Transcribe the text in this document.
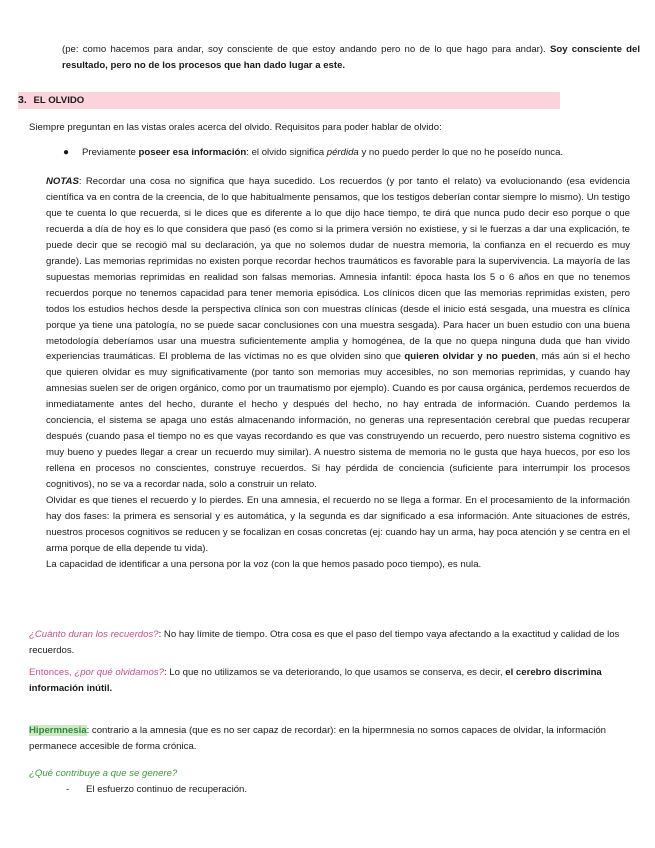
(pe: como hacemos para andar, soy consciente de que estoy andando pero no de lo que hago para andar). Soy consciente del resultado, pero no de los procesos que han dado lugar a este.
3. EL OLVIDO
Siempre preguntan en las vistas orales acerca del olvido. Requisitos para poder hablar de olvido:
● Previamente poseer esa información: el olvido significa pérdida y no puedo perder lo que no he poseído nunca.

NOTAS: Recordar una cosa no significa que haya sucedido. Los recuerdos (y por tanto el relato) va evolucionando (esa evidencia científica va en contra de la creencia, de lo que habitualmente pensamos, que los testigos deberían contar siempre lo mismo). Un testigo que te cuenta lo que recuerda, si le dices que es diferente a lo que dijo hace tiempo, te dirá que nunca pudo decir eso porque o que recuerda a día de hoy es lo que considera que pasó (es como si la primera versión no existiese, y si le fuerzas a dar una explicación, te puede decir que se recogió mal su declaración, ya que no solemos dudar de nuestra memoria, la confianza en el recuerdo es muy grande). Las memorias reprimidas no existen porque recordar hechos traumáticos es favorable para la supervivencia. La mayoría de las supuestas memorias reprimidas en realidad son falsas memorias. Amnesia infantil: época hasta los 5 o 6 años en que no tenemos recuerdos porque no tenemos capacidad para tener memoria episódica. Los clínicos dicen que las memorias reprimidas existen, pero todos los estudios hechos desde la perspectiva clínica son con muestras clínicas (desde el inicio está sesgada, una muestra es clínica porque ya tiene una patología, no se puede sacar conclusiones con una muestra sesgada). Para hacer un buen estudio con una buena metodología deberíamos usar una muestra suficientemente amplia y homogénea, de la que no quepa ninguna duda que han vivido experiencias traumáticas. El problema de las víctimas no es que olviden sino que quieren olvidar y no pueden, más aún si el hecho que quieren olvidar es muy significativamente (por tanto son memorias muy accesibles, no son memorias reprimidas, y cuando hay amnesias suelen ser de origen orgánico, como por un traumatismo por ejemplo). Cuando es por causa orgánica, perdemos recuerdos de inmediatamente antes del hecho, durante el hecho y después del hecho, no hay entrada de información. Cuando perdemos la conciencia, el sistema se apaga uno estás almacenando información, no generas una representación cerebral que puedas recuperar después (cuando pasa el tiempo no es que vayas recordando es que vas construyendo un recuerdo, pero nuestro sistema cognitivo es muy bueno y puedes llegar a crear un recuerdo muy similar). A nuestro sistema de memoria no le gusta que haya huecos, por eso los rellena en procesos no conscientes, construye recuerdos. Si hay pérdida de conciencia (suficiente para interrumpir los procesos cognitivos), no se va a recordar nada, solo a construir un relato.

Olvidar es que tienes el recuerdo y lo pierdes. En una amnesia, el recuerdo no se llega a formar. En el procesamiento de la información hay dos fases: la primera es sensorial y es automática, y la segunda es dar significado a esa información. Ante situaciones de estrés, nuestros procesos cognitivos se reducen y se focalizan en cosas concretas (ej: cuando hay un arma, hay poca atención y se centra en el arma porque de ella depende tu vida).

La capacidad de identificar a una persona por la voz (con la que hemos pasado poco tiempo), es nula.

¿Cuánto duran los recuerdos?: No hay límite de tiempo. Otra cosa es que el paso del tiempo vaya afectando a la exactitud y calidad de los recuerdos.
Entonces, ¿por qué olvidamos?: Lo que no utilizamos se va deteriorando, lo que usamos se conserva, es decir, el cerebro discrimina información inútil.
Hipermnesia: contrario a la amnesia (que es no ser capaz de recordar): en la hipermnesia no somos capaces de olvidar, la información permanece accesible de forma crónica.
¿Qué contribuye a que se genere?
- El esfuerzo continuo de recuperación.
